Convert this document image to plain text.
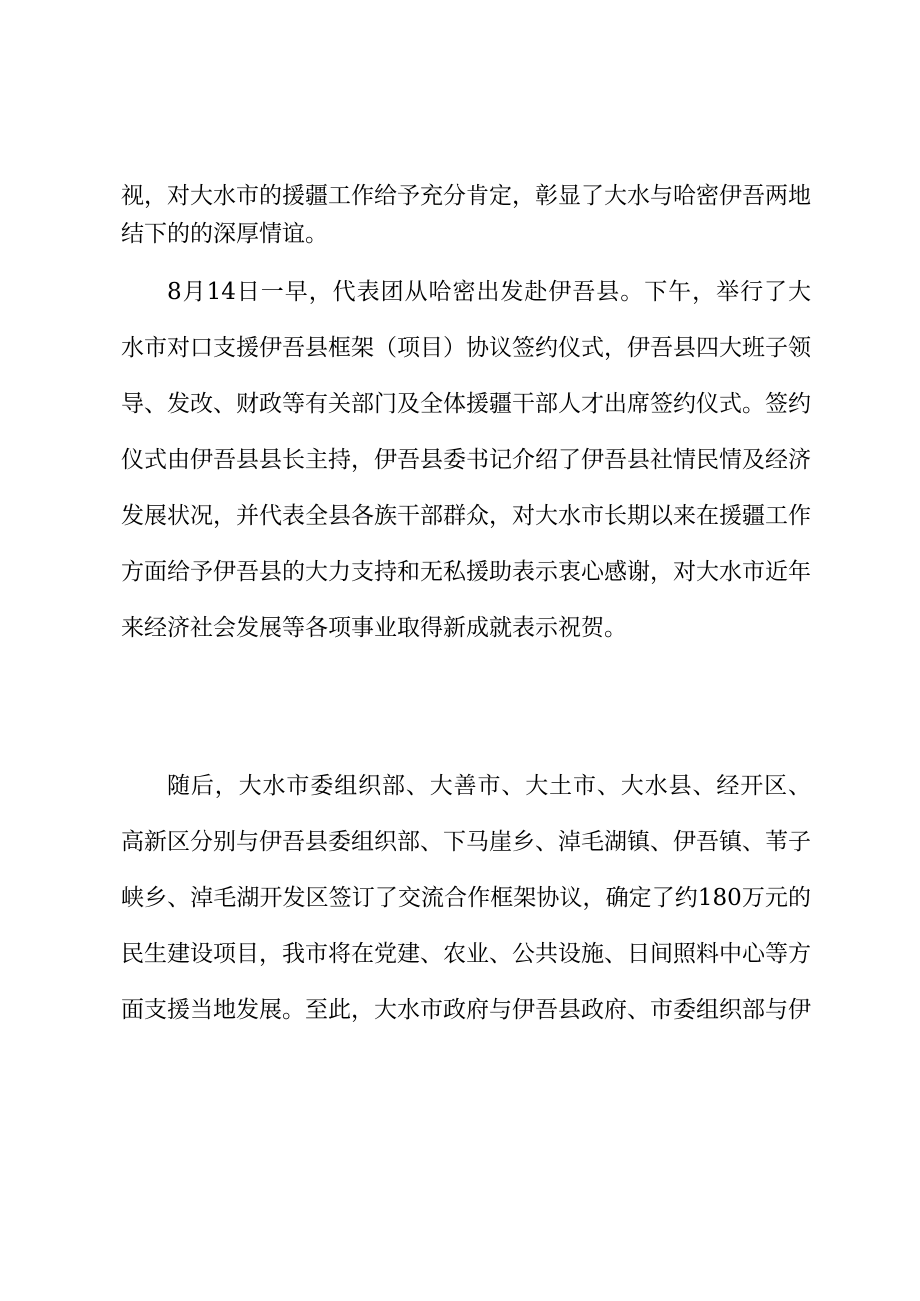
视，对大水市的援疆工作给予充分肯定，彰显了大水与哈密伊吾两地
结下的的深厚情谊。
8月14日一早，代表团从哈密出发赴伊吾县。下午，举行了大
水市对口支援伊吾县框架（项目）协议签约仪式，伊吾县四大班子领
导、发改、财政等有关部门及全体援疆干部人才出席签约仪式。签约
仪式由伊吾县县长主持，伊吾县委书记介绍了伊吾县社情民情及经济
发展状况，并代表全县各族干部群众，对大水市长期以来在援疆工作
方面给予伊吾县的大力支持和无私援助表示衷心感谢，对大水市近年
来经济社会发展等各项事业取得新成就表示祝贺。
随后，大水市委组织部、大善市、大土市、大水县、经开区、
高新区分别与伊吾县委组织部、下马崖乡、淖毛湖镇、伊吾镇、苇子
峡乡、淖毛湖开发区签订了交流合作框架协议，确定了约180万元的
民生建设项目，我市将在党建、农业、公共设施、日间照料中心等方
面支援当地发展。至此，大水市政府与伊吾县政府、市委组织部与伊
